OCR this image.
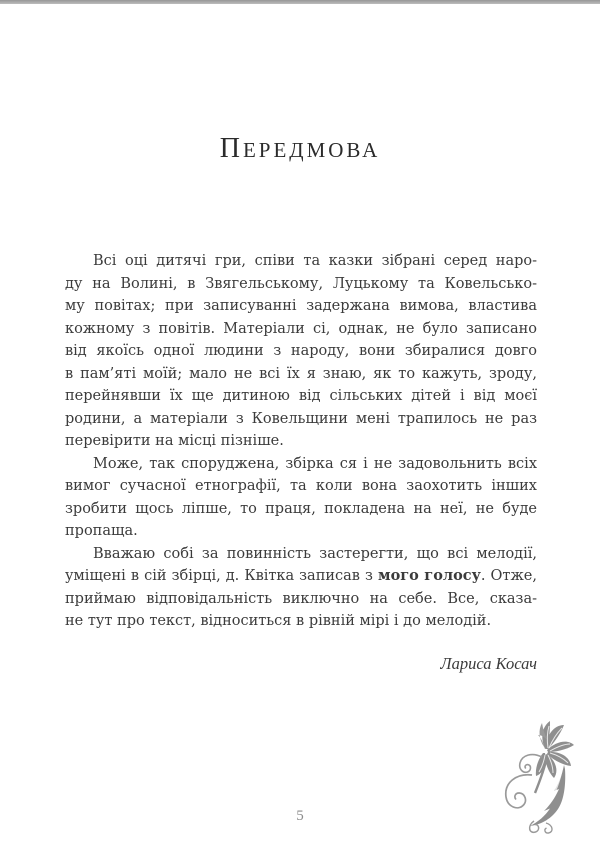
ПЕРЕДМОВА
Всі оці дитячі гри, співи та казки зібрані серед наро-
ду на Волині, в Звягельському, Луцькому та Ковельсько-
му повітах; при записуванні задержана вимова, властива
кожному з повітів. Матеріали сі, однак, не було записано
від якоїсь одної людини з народу, вони збиралися довго
в пам’яті моїй; мало не всі їх я знаю, як то кажуть, зроду,
перейнявши їх ще дитиною від сільських дітей і від моєї
родини, а матеріали з Ковельщини мені трапилось не раз
перевірити на місці пізніше.
Може, так споруджена, збірка ся і не задовольнить всіх
вимог сучасної етнографії, та коли вона заохотить інших
зробити щось ліпше, то праця, покладена на неї, не буде
пропаща.
Вважаю собі за повинність застерегти, що всі мелодії,
уміщені в сій збірці, д. Квітка записав з мого голосу. Отже,
приймаю відповідальність виключно на себе. Все, сказа-
не тут про текст, відноситься в рівній мірі і до мелодій.
Лариса Косач
5
